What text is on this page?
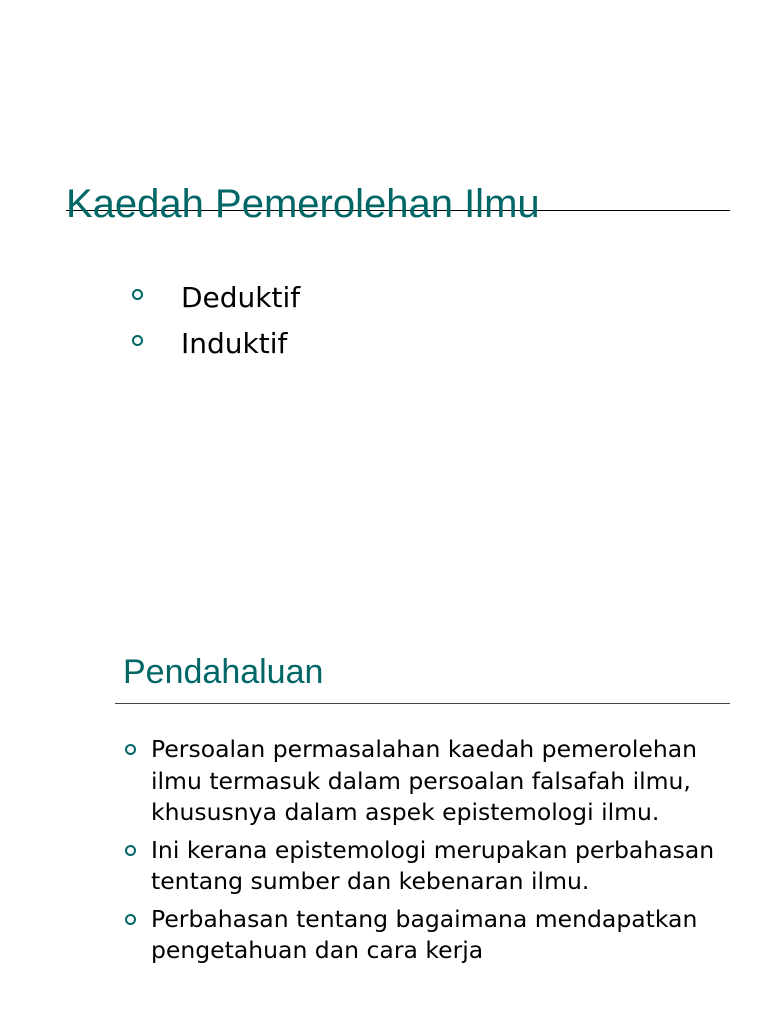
Kaedah Pemerolehan Ilmu
Deduktif
Induktif
Pendahaluan
Persoalan permasalahan kaedah pemerolehan ilmu termasuk dalam persoalan falsafah ilmu, khususnya dalam aspek epistemologi ilmu.
Ini kerana epistemologi merupakan perbahasan tentang sumber dan kebenaran ilmu.
Perbahasan tentang bagaimana mendapatkan pengetahuan dan cara kerja
